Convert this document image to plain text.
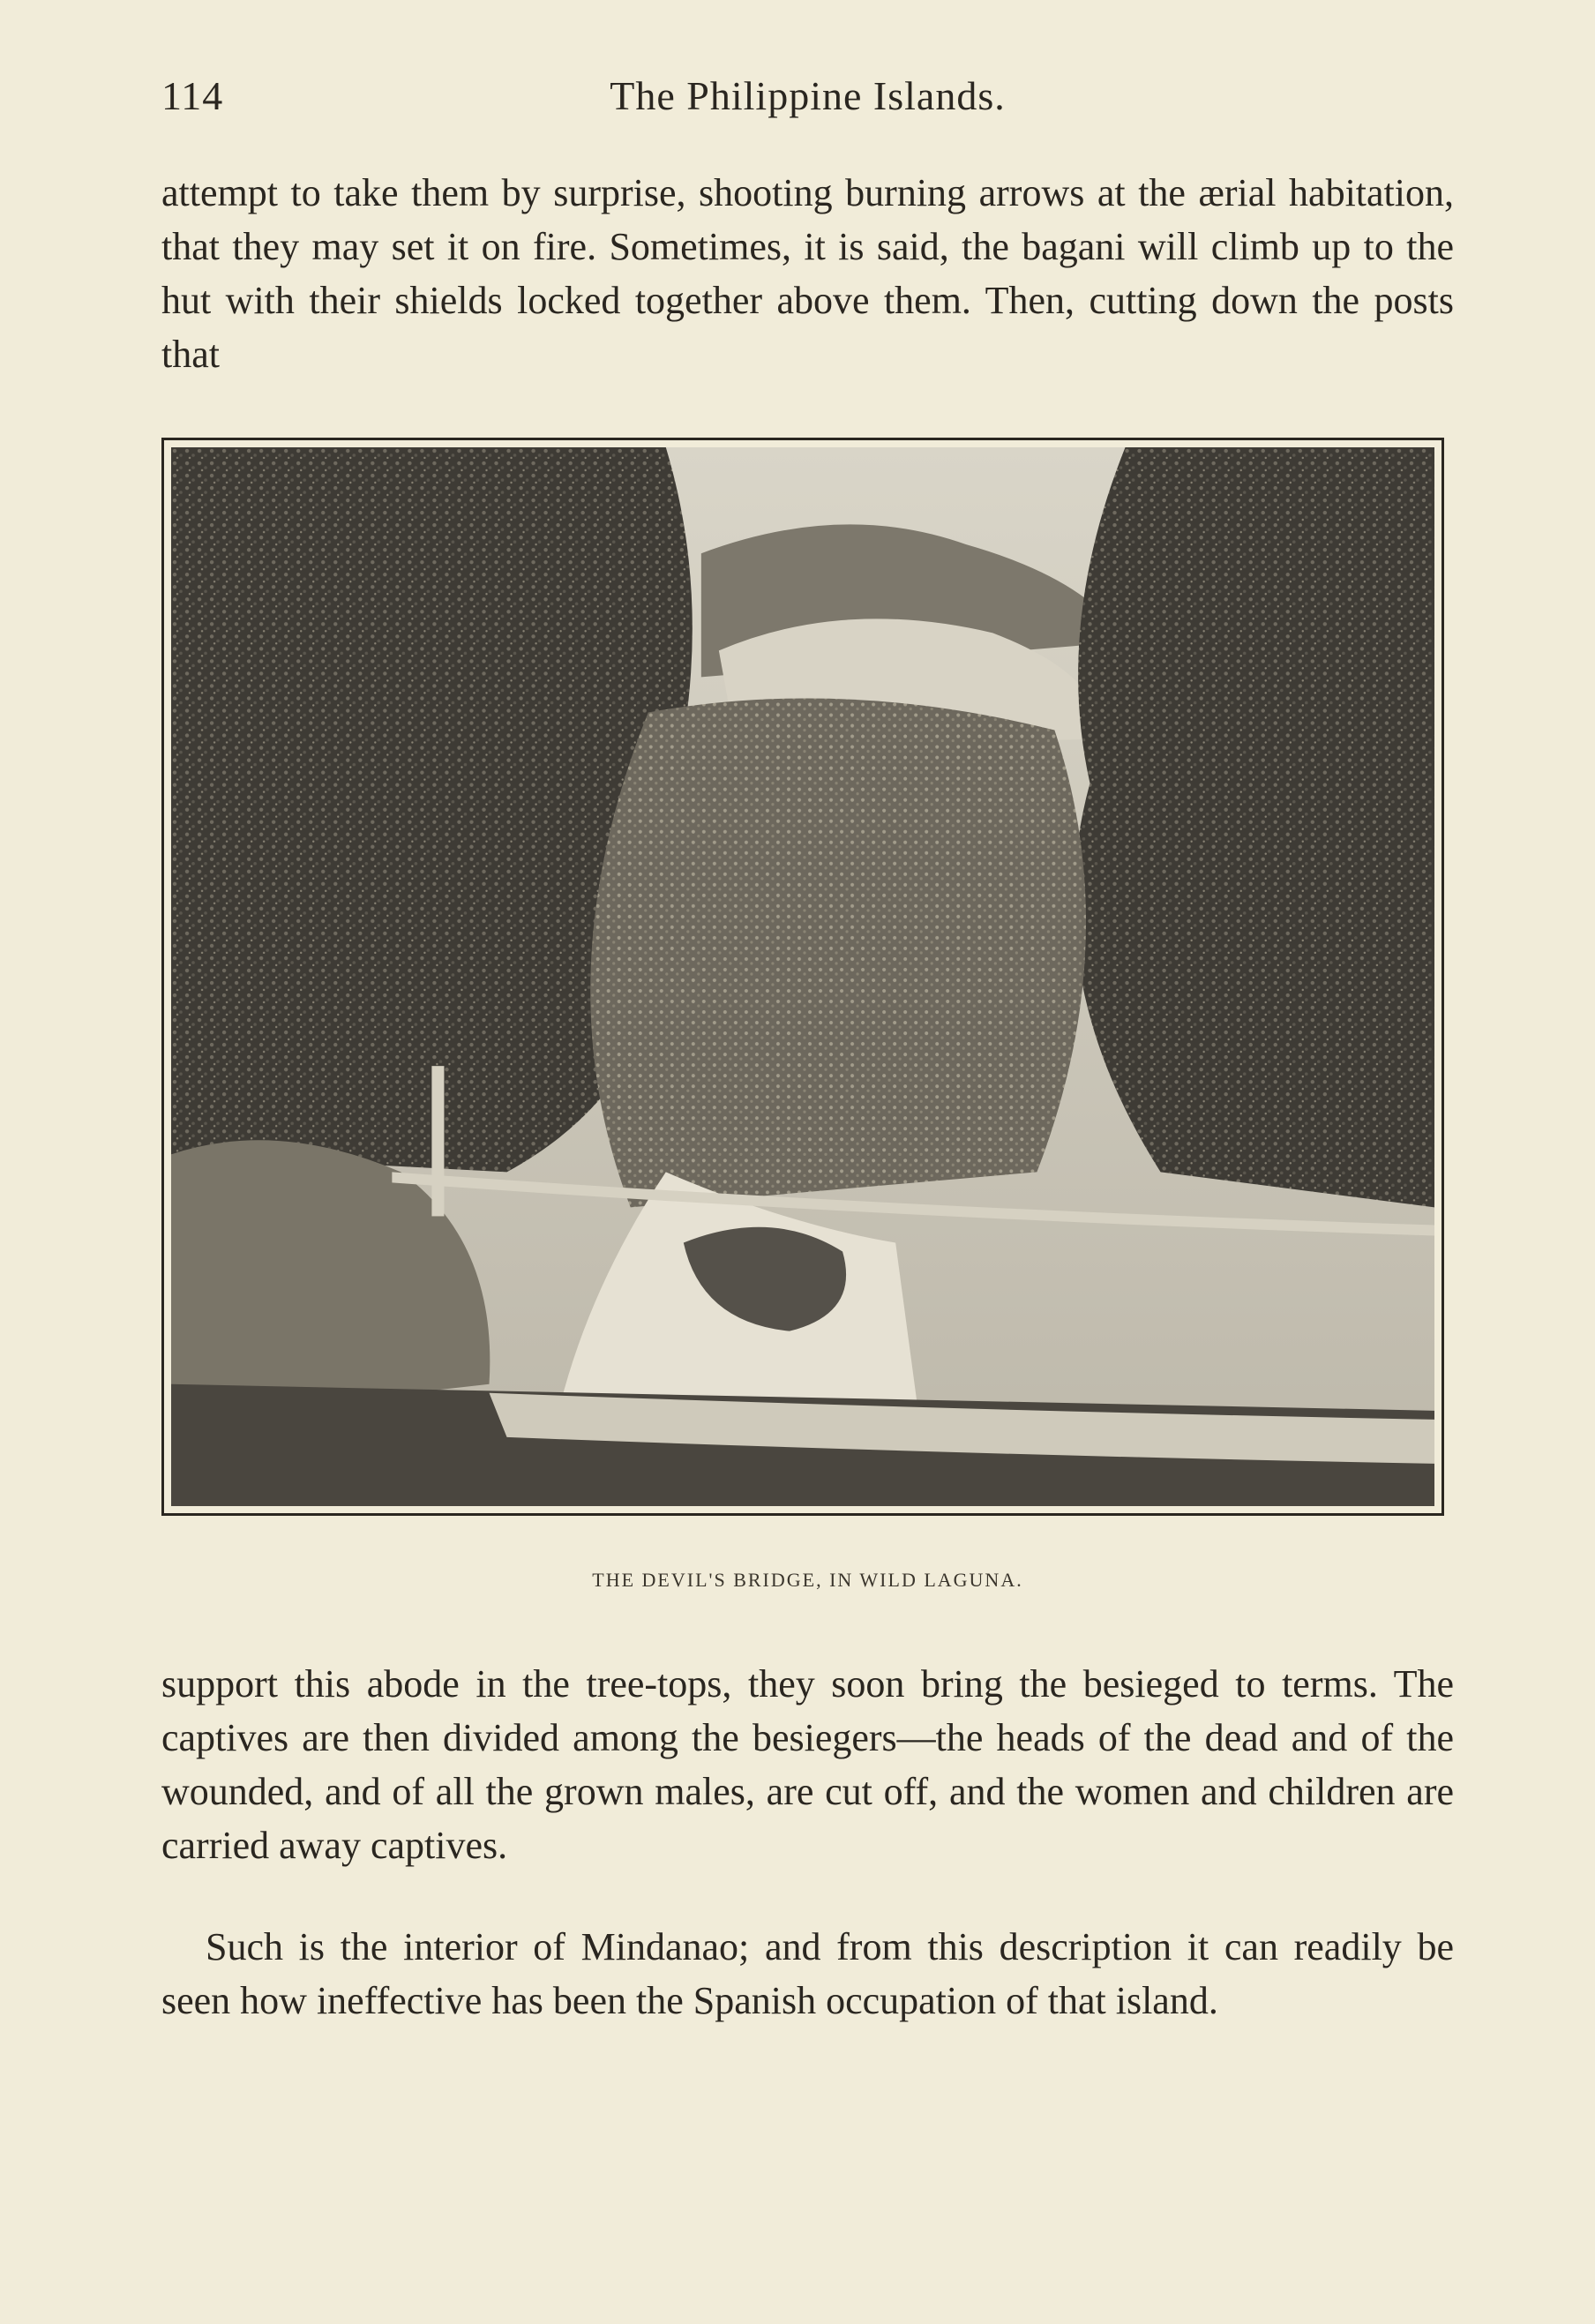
114	The Philippine Islands.

attempt to take them by surprise, shooting burning arrows at the ærial habitation, that they may set it on fire. Sometimes, it is said, the bagani will climb up to the hut with their shields locked together above them. Then, cutting down the posts that

THE DEVIL'S BRIDGE, IN WILD LAGUNA.

support this abode in the tree-tops, they soon bring the besieged to terms. The captives are then divided among the besiegers—the heads of the dead and of the wounded, and of all the grown males, are cut off, and the women and children are carried away captives.

Such is the interior of Mindanao; and from this description it can readily be seen how ineffective has been the Spanish occupation of that island.
